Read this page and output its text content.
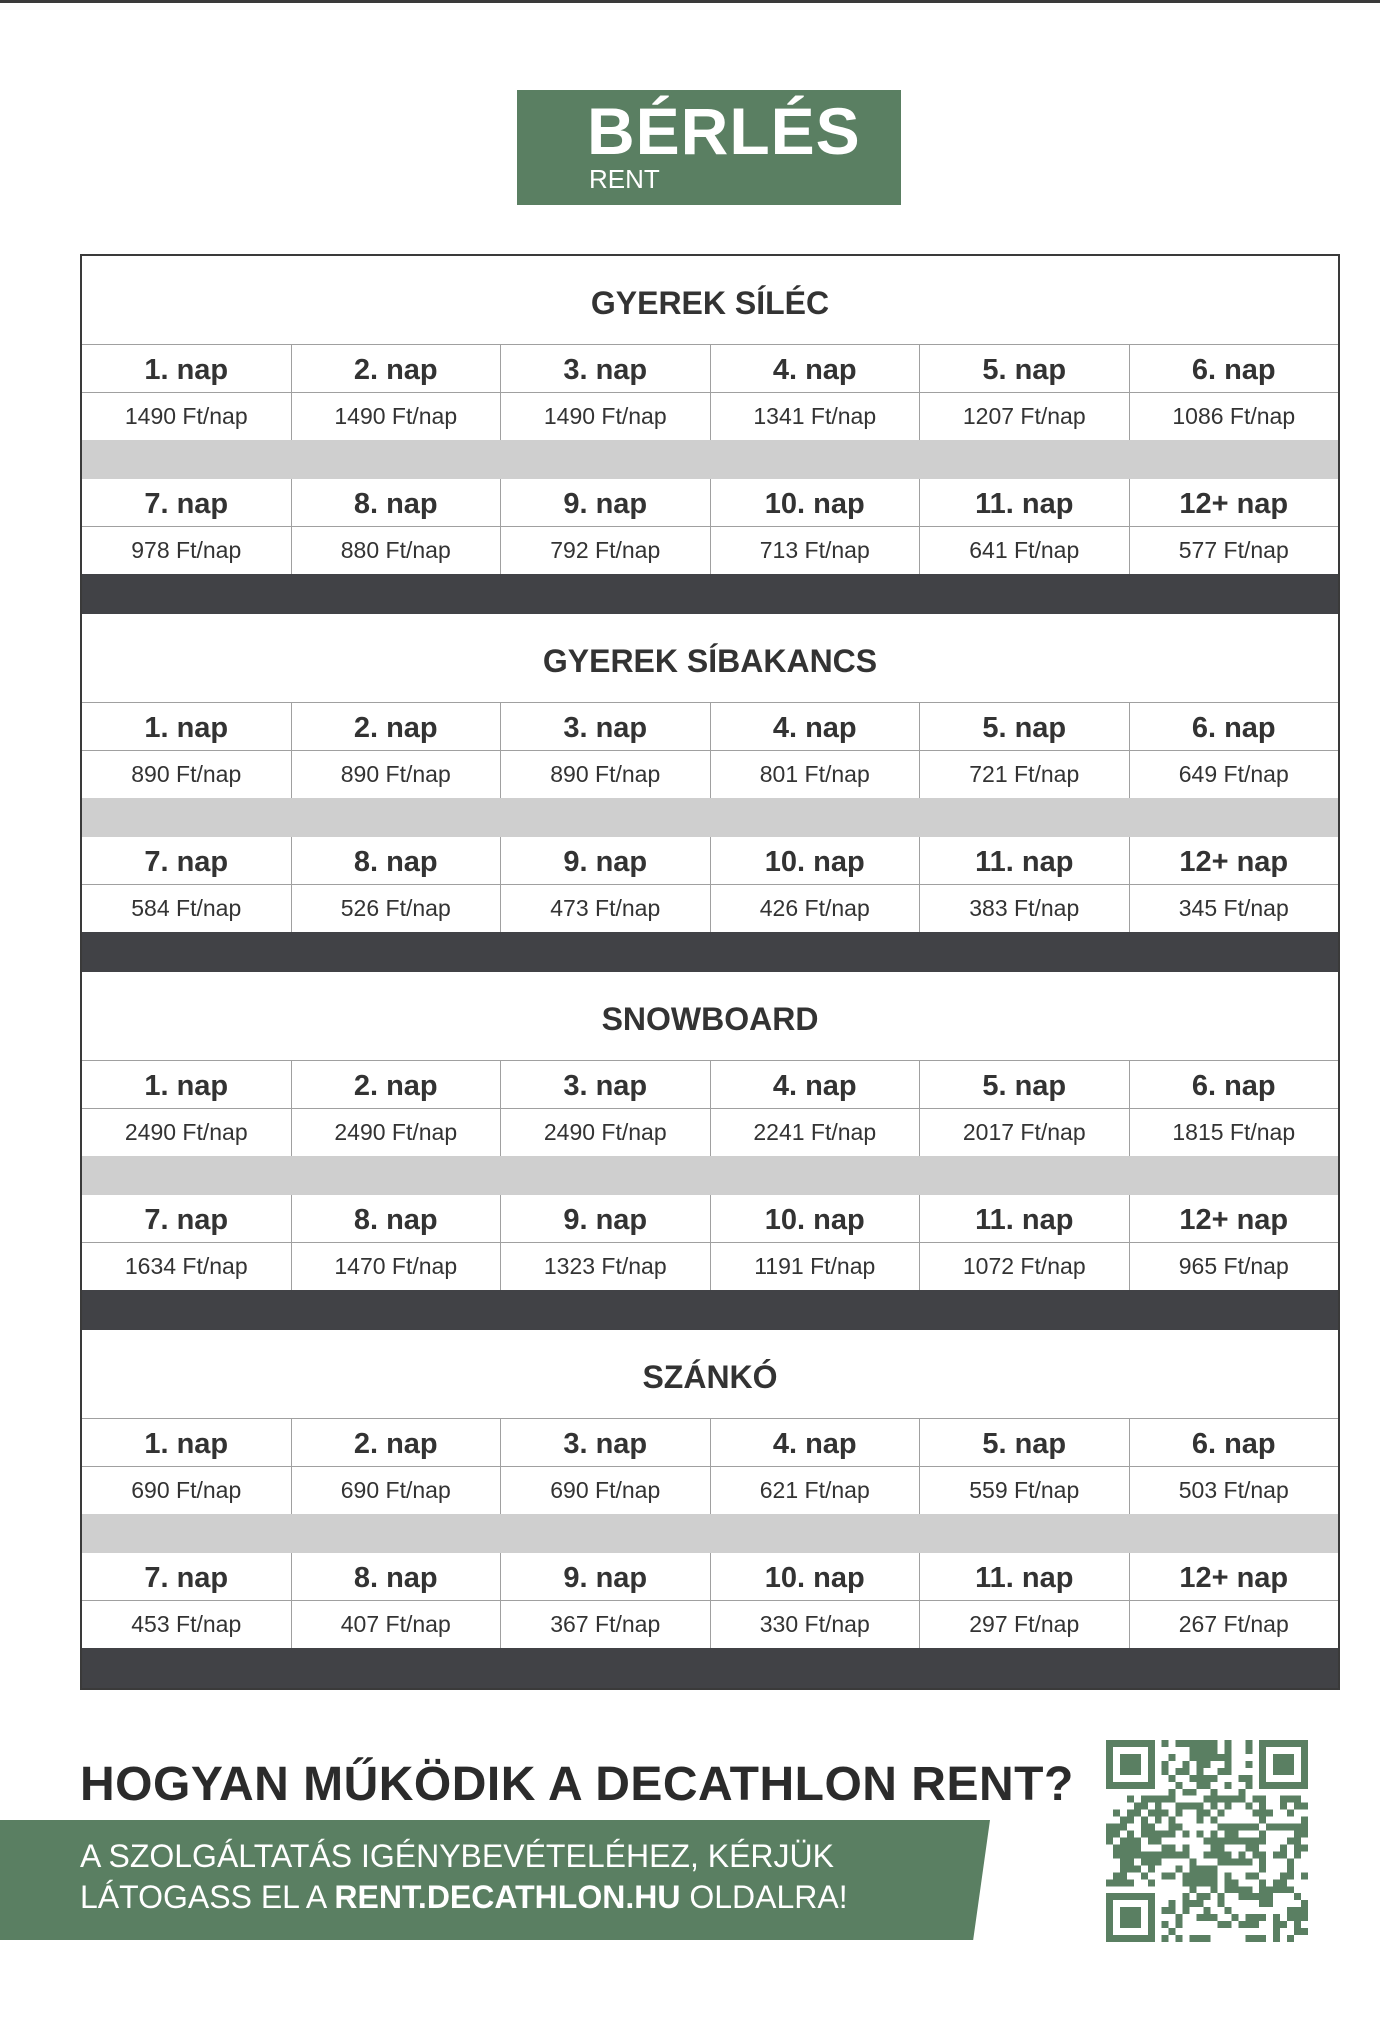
BÉRLÉS
RENT
GYEREK SÍLÉC
1. nap	2. nap	3. nap	4. nap	5. nap	6. nap
1490 Ft/nap	1490 Ft/nap	1490 Ft/nap	1341 Ft/nap	1207 Ft/nap	1086 Ft/nap
7. nap	8. nap	9. nap	10. nap	11. nap	12+ nap
978 Ft/nap	880 Ft/nap	792 Ft/nap	713 Ft/nap	641 Ft/nap	577 Ft/nap
GYEREK SÍBAKANCS
1. nap	2. nap	3. nap	4. nap	5. nap	6. nap
890 Ft/nap	890 Ft/nap	890 Ft/nap	801 Ft/nap	721 Ft/nap	649 Ft/nap
7. nap	8. nap	9. nap	10. nap	11. nap	12+ nap
584 Ft/nap	526 Ft/nap	473 Ft/nap	426 Ft/nap	383 Ft/nap	345 Ft/nap
SNOWBOARD
1. nap	2. nap	3. nap	4. nap	5. nap	6. nap
2490 Ft/nap	2490 Ft/nap	2490 Ft/nap	2241 Ft/nap	2017 Ft/nap	1815 Ft/nap
7. nap	8. nap	9. nap	10. nap	11. nap	12+ nap
1634 Ft/nap	1470 Ft/nap	1323 Ft/nap	1191 Ft/nap	1072 Ft/nap	965 Ft/nap
SZÁNKÓ
1. nap	2. nap	3. nap	4. nap	5. nap	6. nap
690 Ft/nap	690 Ft/nap	690 Ft/nap	621 Ft/nap	559 Ft/nap	503 Ft/nap
7. nap	8. nap	9. nap	10. nap	11. nap	12+ nap
453 Ft/nap	407 Ft/nap	367 Ft/nap	330 Ft/nap	297 Ft/nap	267 Ft/nap
HOGYAN MŰKÖDIK A DECATHLON RENT?
A SZOLGÁLTATÁS IGÉNYBEVÉTELÉHEZ, KÉRJÜK
LÁTOGASS EL A RENT.DECATHLON.HU OLDALRA!
